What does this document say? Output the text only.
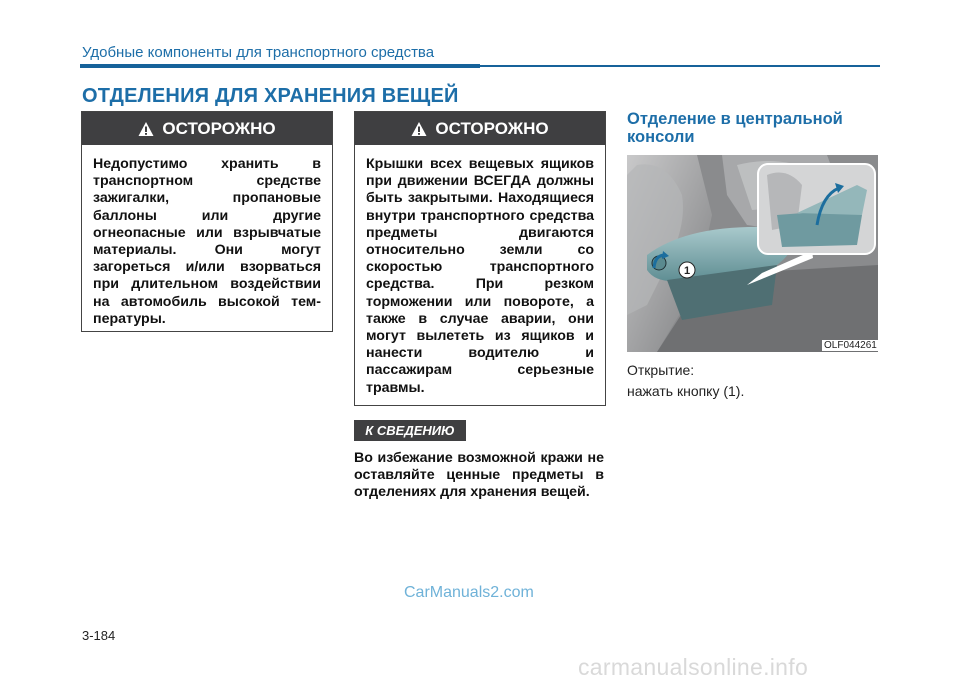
Удобные компоненты для транспортного средства
ОТДЕЛЕНИЯ ДЛЯ ХРАНЕНИЯ ВЕЩЕЙ
ОСТОРОЖНО
Недопустимо хранить в транспортном средстве зажигалки, пропановые баллоны или другие огнеопасные или взрывчатые материалы. Они могут загореться и/или взорваться при длительном воздействии на автомобиль высокой тем-пературы.
ОСТОРОЖНО
Крышки всех вещевых ящиков при движении ВСЕГДА должны быть закрытыми. Находящиеся внутри транспортного средства предметы двигаются относительно земли со скоростью транспортного средства. При резком торможении или повороте, а также в случае аварии, они могут вылететь из ящиков и нанести водителю и пассажирам серьезные травмы.
К СВЕДЕНИЮ
Во избежание возможной кражи не оставляйте ценные предметы в отделениях для хранения вещей.
Отделение в центральной консоли
1
OLF044261
Открытие:
нажать кнопку (1).
CarManuals2.com
3-184
carmanualsonline.info
